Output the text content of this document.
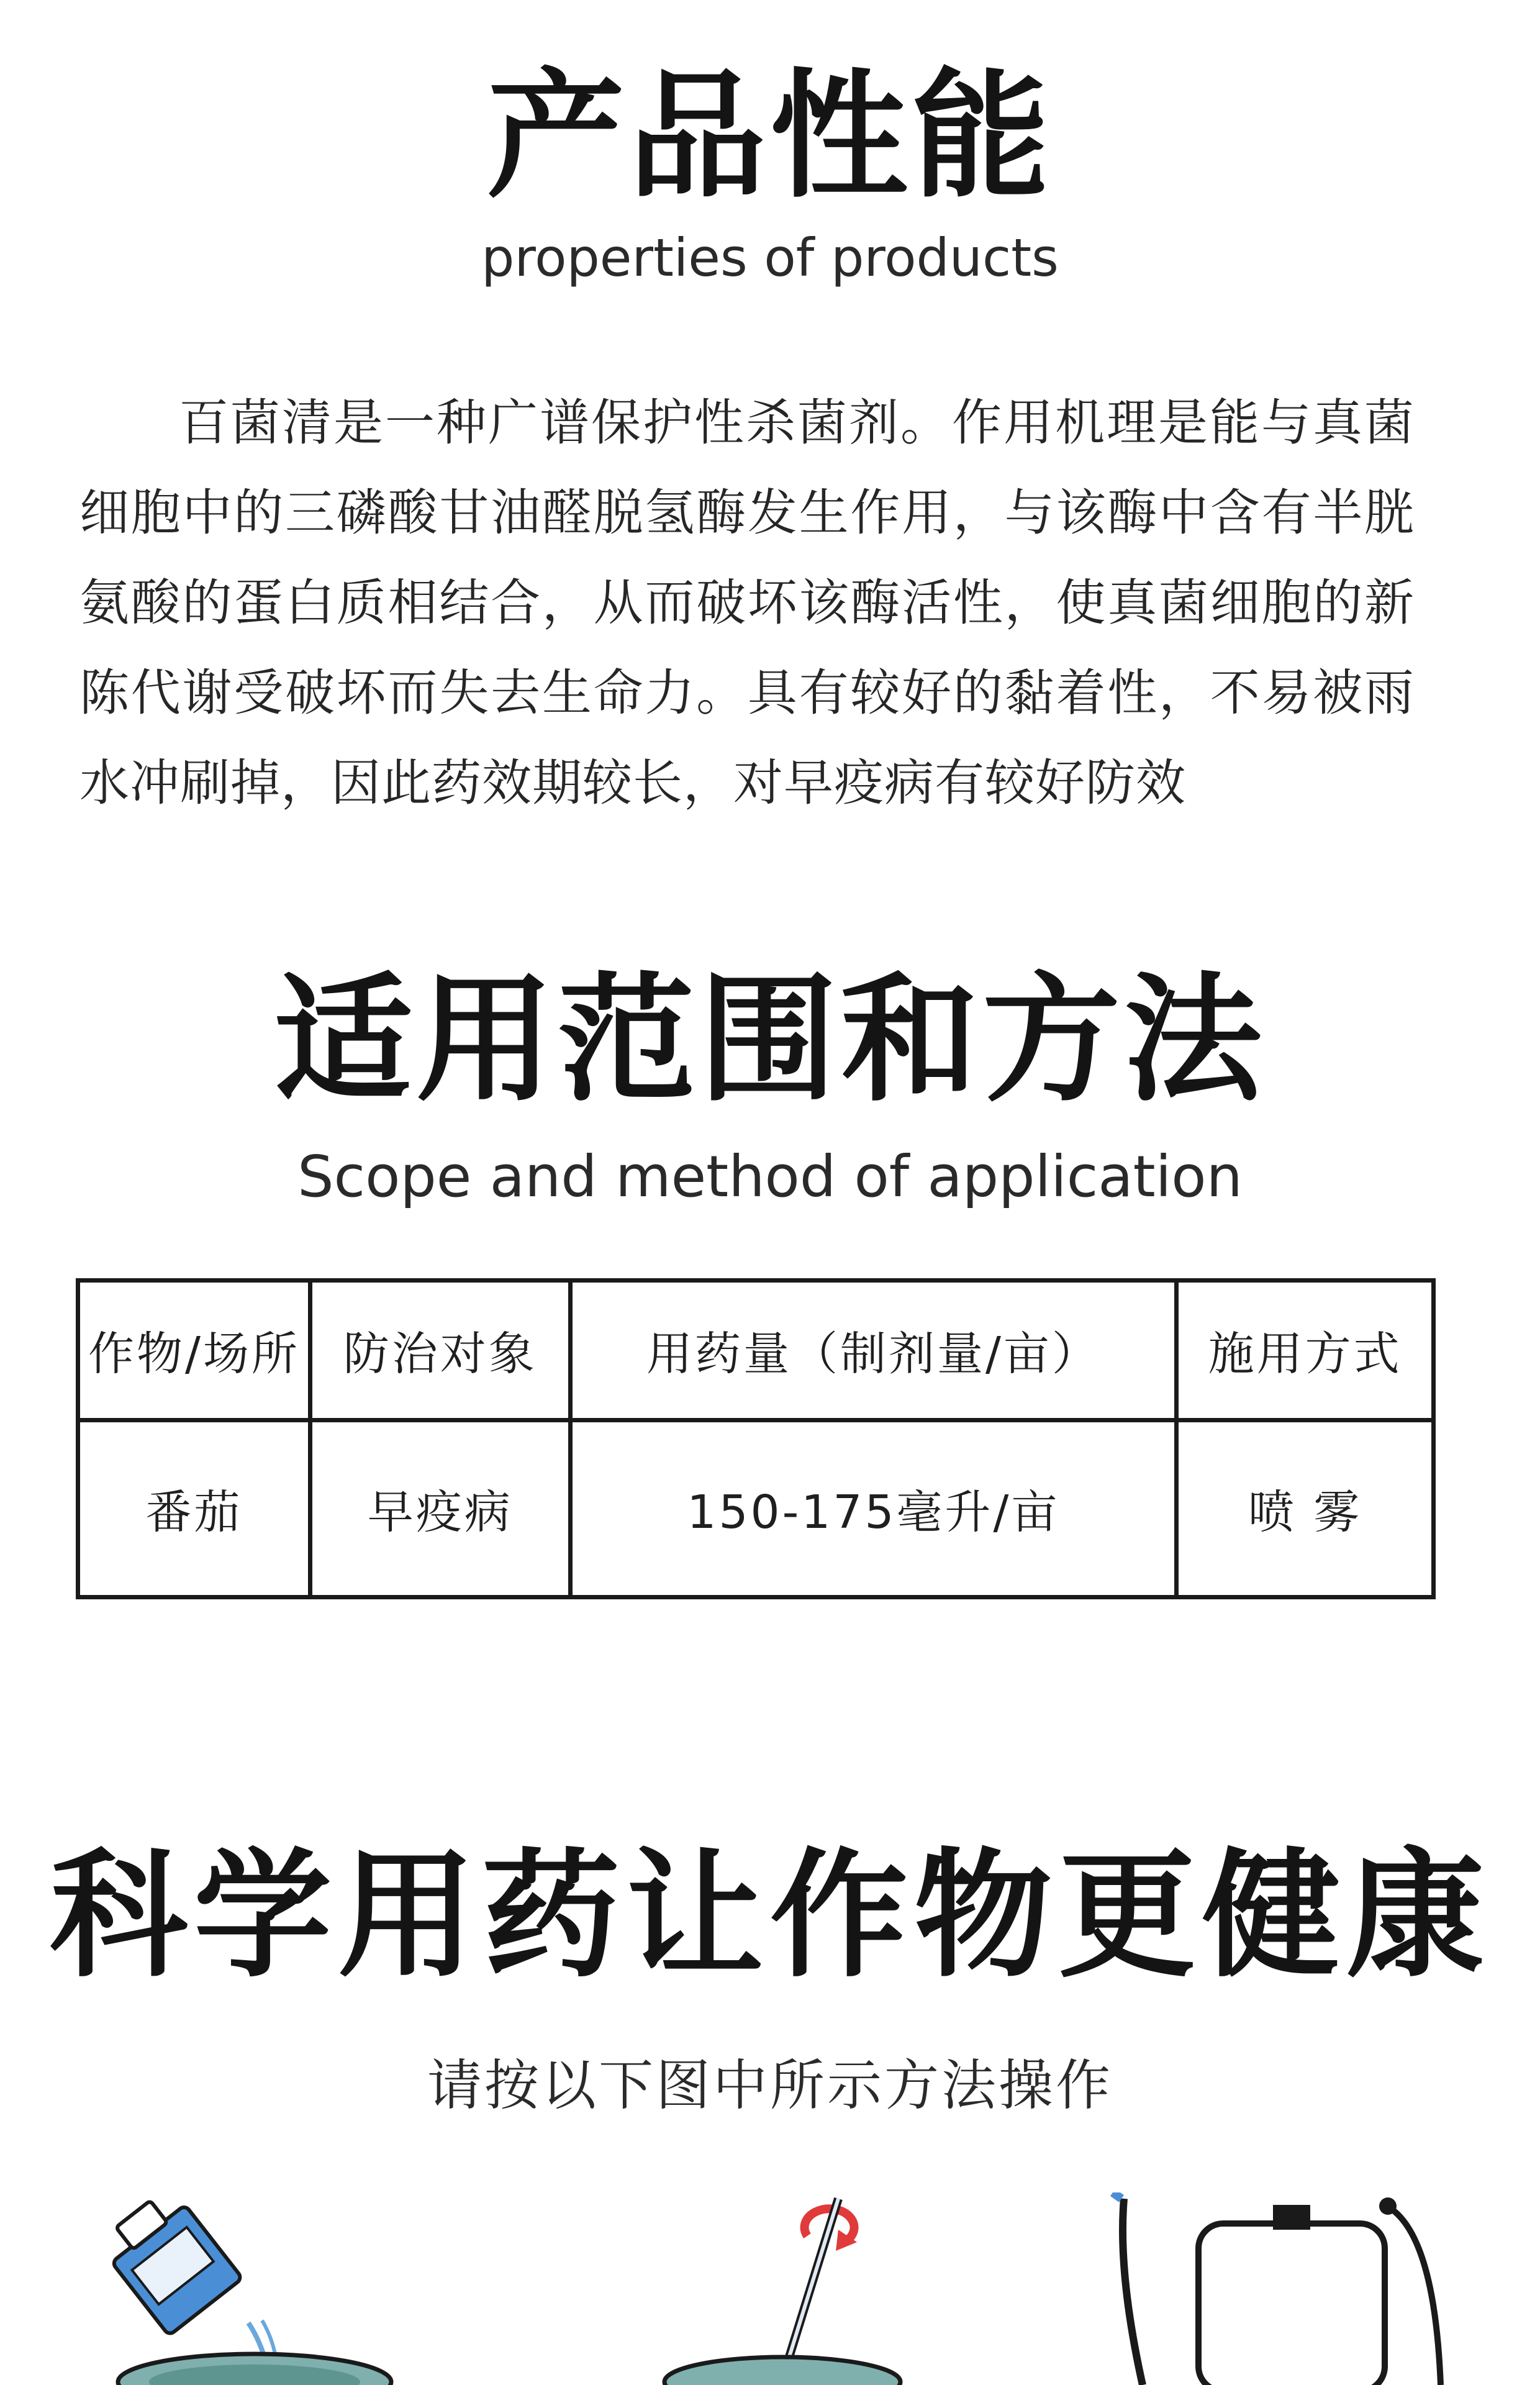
产品性能
properties of products

百菌清是一种广谱保护性杀菌剂。作用机理是能与真菌细胞中的三磷酸甘油醛脱氢酶发生作用，与该酶中含有半胱氨酸的蛋白质相结合，从而破坏该酶活性，使真菌细胞的新陈代谢受破坏而失去生命力。具有较好的黏着性，不易被雨水冲刷掉，因此药效期较长，对早疫病有较好防效

适用范围和方法
Scope and method of application
作物/场所	防治对象	用药量（制剂量/亩）	施用方式
番茄	早疫病	150-175毫升/亩	喷 雾
科学用药让作物更健康
请按以下图中所示方法操作
